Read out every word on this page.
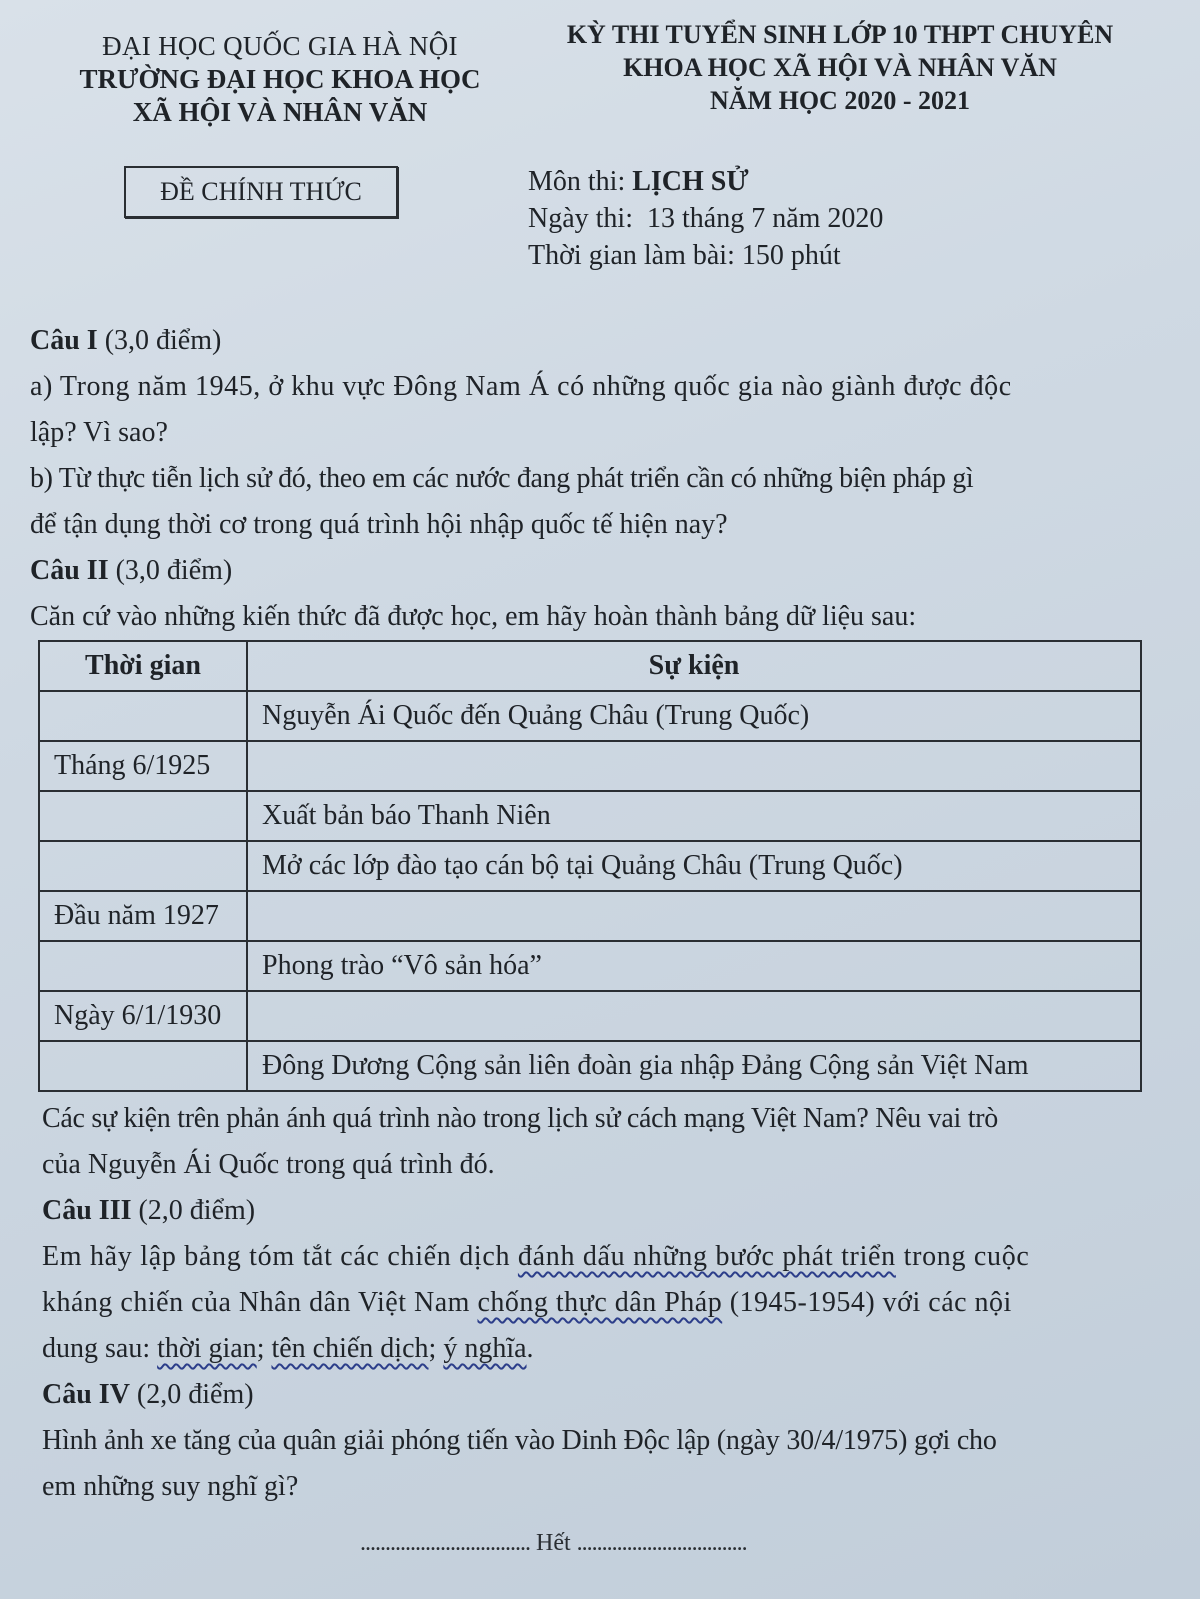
ĐẠI HỌC QUỐC GIA HÀ NỘI
TRƯỜNG ĐẠI HỌC KHOA HỌC
XÃ HỘI VÀ NHÂN VĂN
KỲ THI TUYỂN SINH LỚP 10 THPT CHUYÊN
KHOA HỌC XÃ HỘI VÀ NHÂN VĂN
NĂM HỌC 2020 - 2021
ĐỀ CHÍNH THỨC	Môn thi: LỊCH SỬ
Ngày thi: 13 tháng 7 năm 2020
Thời gian làm bài: 150 phút
Câu I (3,0 điểm)
a) Trong năm 1945, ở khu vực Đông Nam Á có những quốc gia nào giành được độc
lập? Vì sao?
b) Từ thực tiễn lịch sử đó, theo em các nước đang phát triển cần có những biện pháp gì
để tận dụng thời cơ trong quá trình hội nhập quốc tế hiện nay?
Câu II (3,0 điểm)
Căn cứ vào những kiến thức đã được học, em hãy hoàn thành bảng dữ liệu sau:
Thời gian	Sự kiện
	Nguyễn Ái Quốc đến Quảng Châu (Trung Quốc)
Tháng 6/1925	
	Xuất bản báo Thanh Niên
	Mở các lớp đào tạo cán bộ tại Quảng Châu (Trung Quốc)
Đầu năm 1927	
	Phong trào “Vô sản hóa”
Ngày 6/1/1930	
	Đông Dương Cộng sản liên đoàn gia nhập Đảng Cộng sản Việt Nam
Các sự kiện trên phản ánh quá trình nào trong lịch sử cách mạng Việt Nam? Nêu vai trò
của Nguyễn Ái Quốc trong quá trình đó.
Câu III (2,0 điểm)
Em hãy lập bảng tóm tắt các chiến dịch đánh dấu những bước phát triển trong cuộc
kháng chiến của Nhân dân Việt Nam chống thực dân Pháp (1945-1954) với các nội
dung sau: thời gian; tên chiến dịch; ý nghĩa.
Câu IV (2,0 điểm)
Hình ảnh xe tăng của quân giải phóng tiến vào Dinh Độc lập (ngày 30/4/1975) gợi cho
em những suy nghĩ gì?
.................................. Hết ..................................
